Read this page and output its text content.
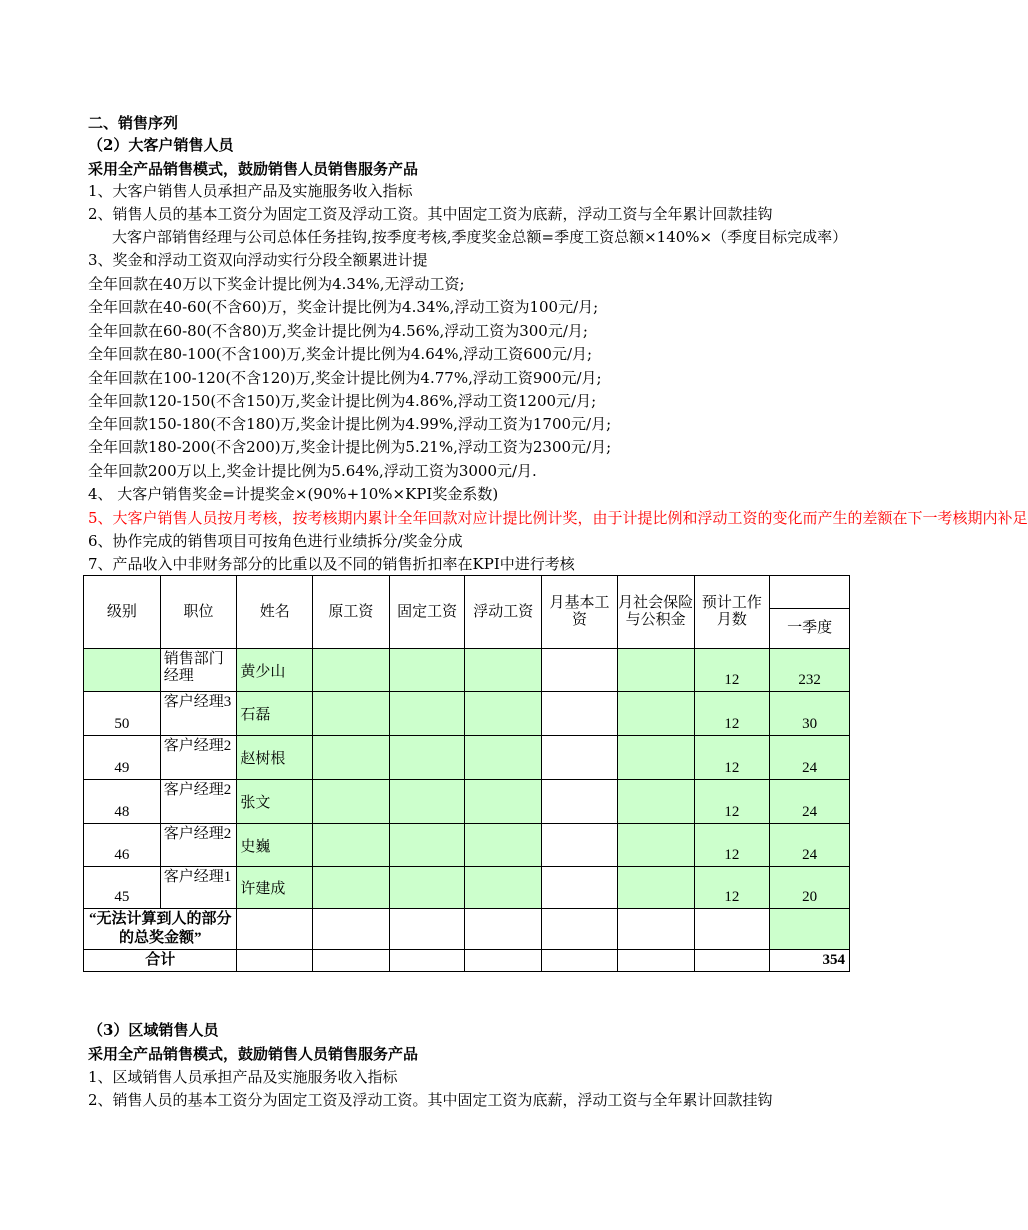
二、销售序列
（2）大客户销售人员
采用全产品销售模式，鼓励销售人员销售服务产品
1、大客户销售人员承担产品及实施服务收入指标
2、销售人员的基本工资分为固定工资及浮动工资。其中固定工资为底薪，浮动工资与全年累计回款挂钩
大客户部销售经理与公司总体任务挂钩,按季度考核,季度奖金总额=季度工资总额×140%×（季度目标完成率）
3、奖金和浮动工资双向浮动实行分段全额累进计提
全年回款在40万以下奖金计提比例为4.34%,无浮动工资;
全年回款在40-60(不含60)万，奖金计提比例为4.34%,浮动工资为100元/月;
全年回款在60-80(不含80)万,奖金计提比例为4.56%,浮动工资为300元/月;
全年回款在80-100(不含100)万,奖金计提比例为4.64%,浮动工资600元/月;
全年回款在100-120(不含120)万,奖金计提比例为4.77%,浮动工资900元/月;
全年回款120-150(不含150)万,奖金计提比例为4.86%,浮动工资1200元/月;
全年回款150-180(不含180)万,奖金计提比例为4.99%,浮动工资为1700元/月;
全年回款180-200(不含200)万,奖金计提比例为5.21%,浮动工资为2300元/月;
全年回款200万以上,奖金计提比例为5.64%,浮动工资为3000元/月.
4、 大客户销售奖金=计提奖金×(90%+10%×KPI奖金系数)
5、大客户销售人员按月考核，按考核期内累计全年回款对应计提比例计奖，由于计提比例和浮动工资的变化而产生的差额在下一考核期内补足
6、协作完成的销售项目可按角色进行业绩拆分/奖金分成
7、产品收入中非财务部分的比重以及不同的销售折扣率在KPI中进行考核
级别	职位	姓名	原工资	固定工资	浮动工资	月基本工资	月社会保险与公积金	预计工作月数	
									一季度
	销售部门经理	黄少山						12	232
50	客户经理3	石磊						12	30
49	客户经理2	赵树根						12	24
48	客户经理2	张文						12	24
46	客户经理2	史巍						12	24
45	客户经理1	许建成						12	20
“无法计算到人的部分的总奖金额”									
合计									354
（3）区域销售人员
采用全产品销售模式，鼓励销售人员销售服务产品
1、区域销售人员承担产品及实施服务收入指标
2、销售人员的基本工资分为固定工资及浮动工资。其中固定工资为底薪，浮动工资与全年累计回款挂钩
